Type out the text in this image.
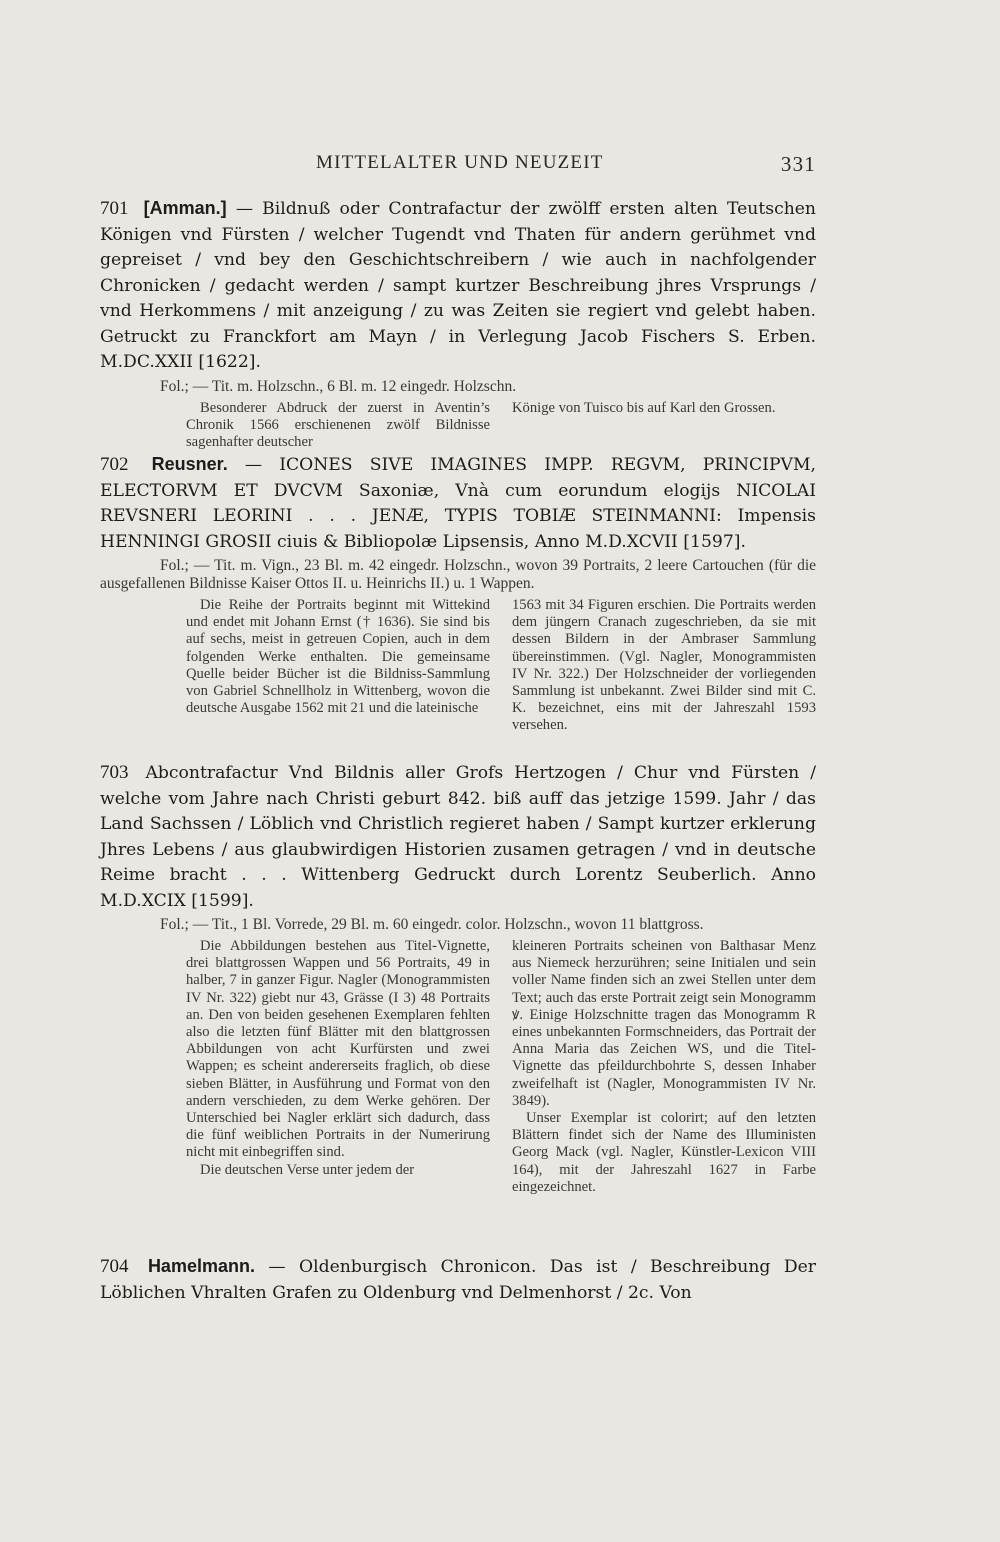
MITTELALTER UND NEUZEIT	331
701 [Amman.] — Bildnuß oder Contrafactur der zwölff ersten alten Teutschen Königen vnd Fürsten / welcher Tugendt vnd Thaten für andern gerühmet vnd gepreiset / vnd bey den Geschichtschreibern / wie auch in nachfolgender Chronicken / gedacht werden / sampt kurtzer Beschreibung jhres Vrsprungs / vnd Herkommens / mit anzeigung / zu was Zeiten sie regiert vnd gelebt haben. Getruckt zu Franckfort am Mayn / in Verlegung Jacob Fischers S. Erben. M.DC.XXII [1622].
Fol.; — Tit. m. Holzschn., 6 Bl. m. 12 eingedr. Holzschn.

Besonderer Abdruck der zuerst in Aventin’s Chronik 1566 erschienenen zwölf Bildnisse sagenhafter deutscher

Könige von Tuisco bis auf Karl den Grossen.

702 Reusner. — ICONES SIVE IMAGINES IMPP. REGVM, PRINCIPVM, ELECTORVM ET DVCVM Saxoniæ, Vnà cum eorundum elogijs NICOLAI REVSNERI LEORINI . . . JENÆ, TYPIS TOBIÆ STEINMANNI: Impensis HENNINGI GROSII ciuis & Bibliopolæ Lipsensis, Anno M.D.XCVII [1597].
Fol.; — Tit. m. Vign., 23 Bl. m. 42 eingedr. Holzschn., wovon 39 Portraits, 2 leere Cartouchen (für die ausgefallenen Bildnisse Kaiser Ottos II. u. Heinrichs II.) u. 1 Wappen.

Die Reihe der Portraits beginnt mit Wittekind und endet mit Johann Ernst († 1636). Sie sind bis auf sechs, meist in getreuen Copien, auch in dem folgenden Werke enthalten. Die gemeinsame Quelle beider Bücher ist die Bildniss-Sammlung von Gabriel Schnellholz in Wittenberg, wovon die deutsche Ausgabe 1562 mit 21 und die lateinische

1563 mit 34 Figuren erschien. Die Portraits werden dem jüngern Cranach zugeschrieben, da sie mit dessen Bildern in der Ambraser Sammlung übereinstimmen. (Vgl. Nagler, Monogrammisten IV Nr. 322.) Der Holzschneider der vorliegenden Sammlung ist unbekannt. Zwei Bilder sind mit C. K. bezeichnet, eins mit der Jahreszahl 1593 versehen.

703 Abcontrafactur Vnd Bildnis aller Grofs Hertzogen / Chur vnd Fürsten / welche vom Jahre nach Christi geburt 842. biß auff das jetzige 1599. Jahr / das Land Sachssen / Löblich vnd Christlich regieret haben / Sampt kurtzer erklerung Jhres Lebens / aus glaubwirdigen Historien zusamen getragen / vnd in deutsche Reime bracht . . . Wittenberg Gedruckt durch Lorentz Seuberlich. Anno M.D.XCIX [1599].
Fol.; — Tit., 1 Bl. Vorrede, 29 Bl. m. 60 eingedr. color. Holzschn., wovon 11 blattgross.

Die Abbildungen bestehen aus Titel-Vignette, drei blattgrossen Wappen und 56 Portraits, 49 in halber, 7 in ganzer Figur. Nagler (Monogrammisten IV Nr. 322) giebt nur 43, Grässe (I 3) 48 Portraits an. Den von beiden gesehenen Exemplaren fehlten also die letzten fünf Blätter mit den blattgrossen Abbildungen von acht Kurfürsten und zwei Wappen; es scheint andererseits fraglich, ob diese sieben Blätter, in Ausführung und Format von den andern verschieden, zu dem Werke gehören. Der Unterschied bei Nagler erklärt sich dadurch, dass die fünf weiblichen Portraits in der Numerirung nicht mit einbegriffen sind.

Die deutschen Verse unter jedem der

kleineren Portraits scheinen von Balthasar Menz aus Niemeck herzurühren; seine Initialen und sein voller Name finden sich an zwei Stellen unter dem Text; auch das erste Portrait zeigt sein Monogramm ꝟ. Einige Holzschnitte tragen das Monogramm R eines unbekannten Formschneiders, das Portrait der Anna Maria das Zeichen WS, und die Titel-Vignette das pfeildurchbohrte S, dessen Inhaber zweifelhaft ist (Nagler, Monogrammisten IV Nr. 3849).

Unser Exemplar ist colorirt; auf den letzten Blättern findet sich der Name des Illuministen Georg Mack (vgl. Nagler, Künstler-Lexicon VIII 164), mit der Jahreszahl 1627 in Farbe eingezeichnet.

704 Hamelmann. — Oldenburgisch Chronicon. Das ist / Beschreibung Der Löblichen Vhralten Grafen zu Oldenburg vnd Delmenhorst / 2c. Von
